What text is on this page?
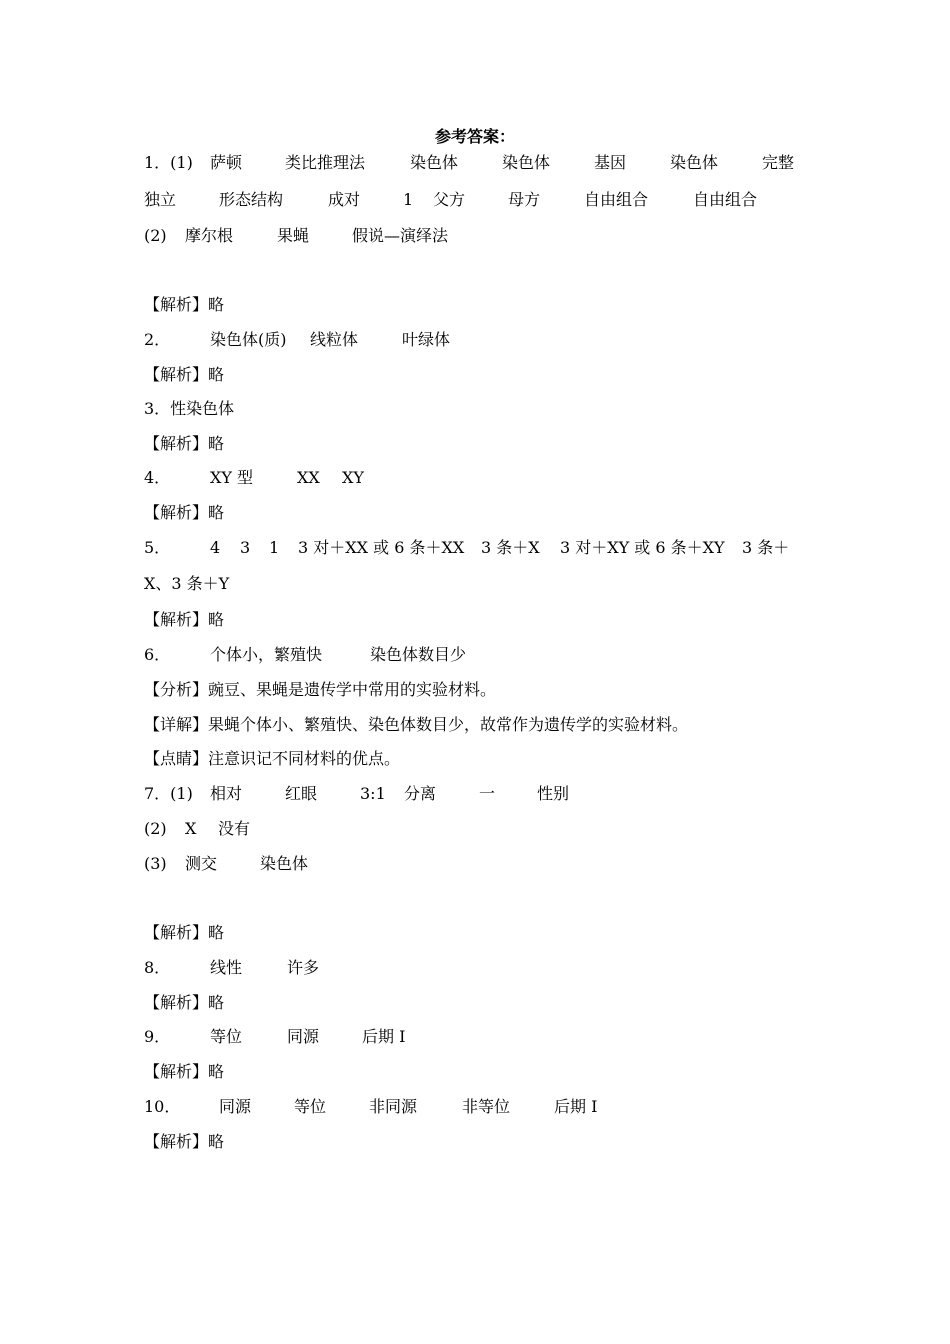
参考答案：
1．(1) 萨顿	类比推理法	染色体	染色体	基因	染色体	完整
独立	形态结构	成对	1 父方	母方	自由组合	自由组合
(2) 摩尔根	果蝇	假说—演绎法
【解析】略
2． 染色体(质) 线粒体	叶绿体
【解析】略
3．性染色体
【解析】略
4． XY 型	XX XY
【解析】略
5． 4 3 1 3 对＋XX 或 6 条＋XX 3 条＋X 3 对＋XY 或 6 条＋XY 3 条＋
X、3 条＋Y
【解析】略
6． 个体小，繁殖快	染色体数目少
【分析】豌豆、果蝇是遗传学中常用的实验材料。
【详解】果蝇个体小、繁殖快、染色体数目少，故常作为遗传学的实验材料。
【点睛】注意识记不同材料的优点。
7．(1) 相对	红眼	3:1 分离	一	性别
(2) X 没有
(3) 测交	染色体
【解析】略
8． 线性	许多
【解析】略
9． 等位	同源	后期 I
【解析】略
10． 同源	等位	非同源	非等位	后期 I
【解析】略
